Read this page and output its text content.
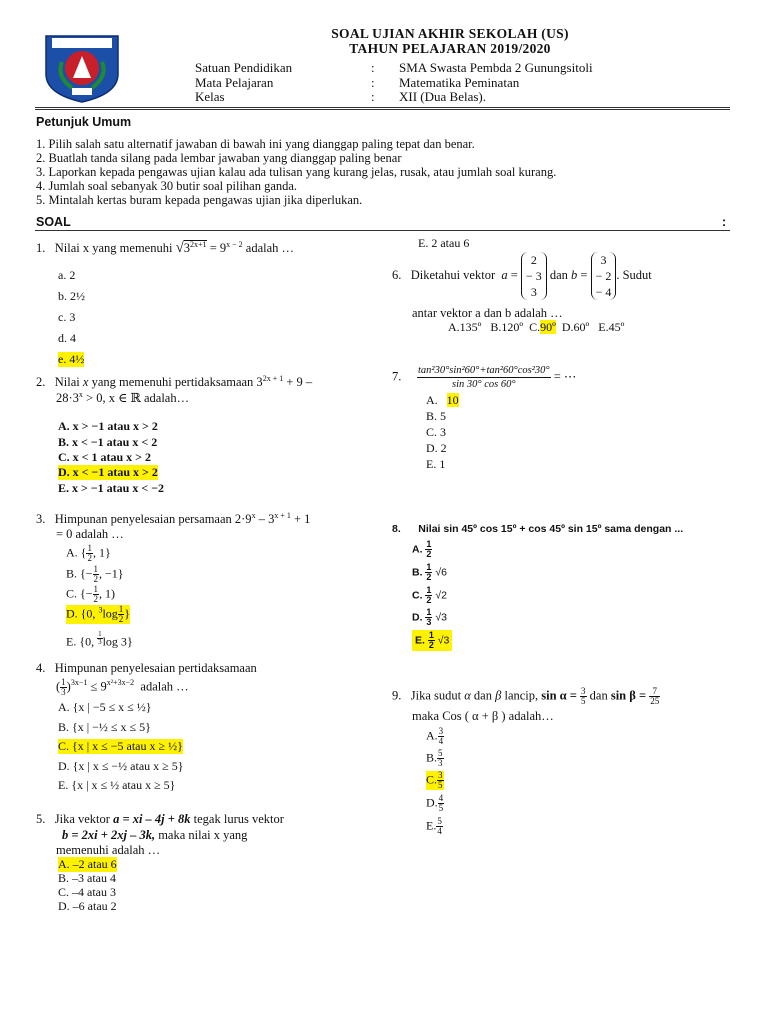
SOAL UJIAN AKHIR SEKOLAH (US)
TAHUN PELAJARAN 2019/2020
Satuan Pendidikan	: SMA Swasta Pembda 2 Gunungsitoli
Mata Pelajaran	: Matematika Peminatan
Kelas	: XII (Dua Belas).
Petunjuk Umum
1. Pilih salah satu alternatif jawaban di bawah ini yang dianggap paling tepat dan benar.
2. Buatlah tanda silang pada lembar jawaban yang dianggap paling benar
3. Laporkan kepada pengawas ujian kalau ada tulisan yang kurang jelas, rusak, atau jumlah soal kurang.
4. Jumlah soal sebanyak 30 butir soal pilihan ganda.
5. Mintalah kertas buram kepada pengawas ujian jika diperlukan.
SOAL	:
1. Nilai x yang memenuhi $√3^{2x+1} = 9^{x - 2}$ adalah …
a. 2
b. 2½
c. 3
d. 4
e. 4½
2. Nilai x yang memenuhi pertidaksamaan $3^{2x + 1} + 9$ –
$28\cdot 3^x > 0$, x ∈ ℝ adalah…
A. x > −1 atau x > 2
B. x < −1 atau x < 2
C. x < 1 atau x > 2
D. x < −1 atau x > 2
E. x > −1 atau x < −2
3. Himpunan penyelesaian persamaan $2\cdot 9^x - 3^{x + 1} + 1$
= 0 adalah …
A. { $\frac{1}{2}$ , 1}
B. {− $\frac{1}{2}$ , −1}
C. {− $\frac{1}{2}$ , 1)
D. {0, $^3\log \frac{1}{2}$ }
E. {0, $^{\frac{1}{3}}$ log 3}
4. Himpunan penyelesaian pertidaksamaan
( $\frac{1}{3} )^{3x-1} \le 9^{x^2+3x-2}$ adalah …
A. {x | −5 ≤ x ≤ ½}
B. {x | −½ ≤ x ≤ 5}
C. {x | x ≤ −5 atau x ≥ ½}
D. {x | x ≤ −½ atau x ≥ 5}
E. {x | x ≤ ½ atau x ≥ 5}
5. Jika vektor a = xi – 4j + 8k tegak lurus vektor
b = 2xi + 2xj – 3k, maka nilai x yang
memenuhi adalah …
A. –2 atau 6
B. –3 atau 4
C. –4 atau 3
D. –6 atau 2
E. 2 atau 6
6. Diketahui vektor a = 2
− 3
3 dan b = 3
− 2
− 4. Sudut
antar vektor a dan b adalah …
A.135º B.120º C.90º D.60º E.45º
7. $\frac{\text{tan²30°sin²60°+tan²60°cos²30°}}{\sin 30^\circ \cos 60^\circ}$ = ⋯
A. 10
B. 5
C. 3
D. 2
E. 1
8. Nilai sin 45º cos 15º + cos 45º sin 15º sama dengan ...
A. $\frac{1}{2}$
B. $\frac{1}{2} √6$
C. $\frac{1}{2} √2$
D. $\frac{1}{3} √3$
E. $\frac{1}{2} √3$
9. Jika sudut α dan β lancip, $\sin \alpha = \frac{3}{5}$ dan $\sin \beta = \frac{7}{25}$
maka Cos ( α + β ) adalah…
A. $\frac{3}{4}$
B. $\frac{5}{3}$
C. $\frac{3}{5}$
D. $\frac{4}{5}$
E. $\frac{5}{4}$
